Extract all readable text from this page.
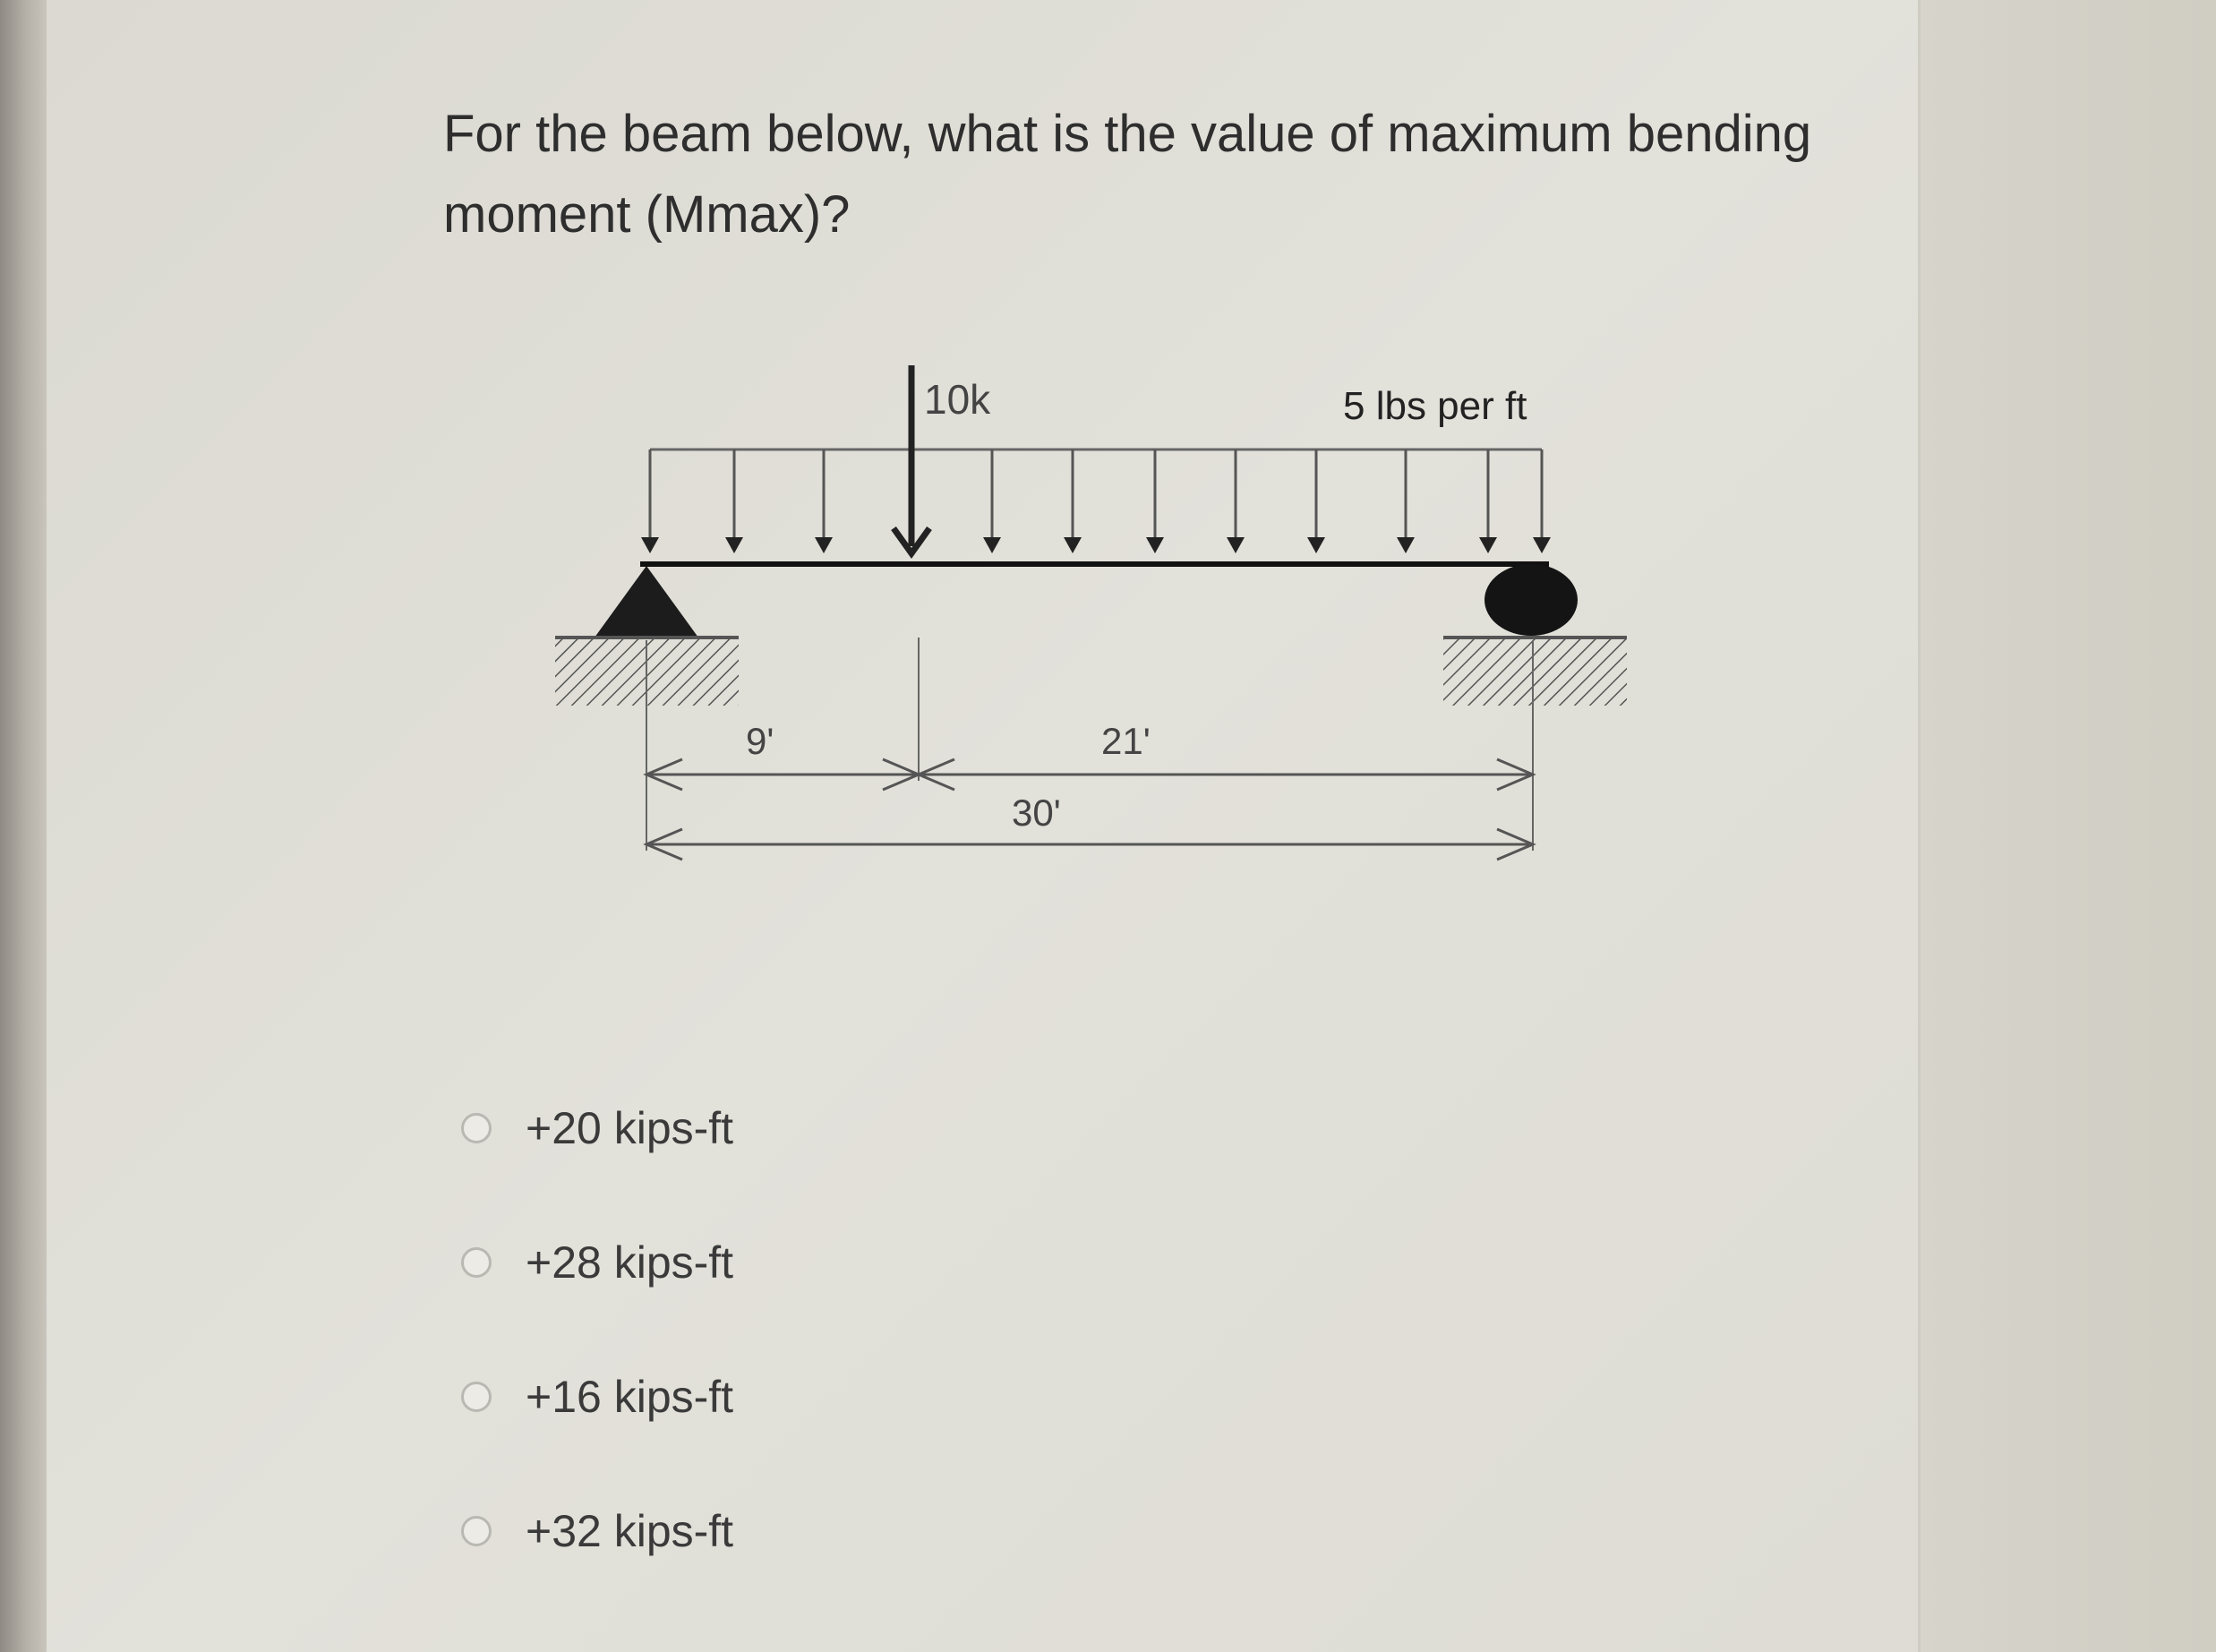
For the beam below, what is the value of maximum bending
moment (Mmax)?
10k	5 lbs per ft
9'	21'
30'
+20 kips-ft
+28 kips-ft
+16 kips-ft
+32 kips-ft
